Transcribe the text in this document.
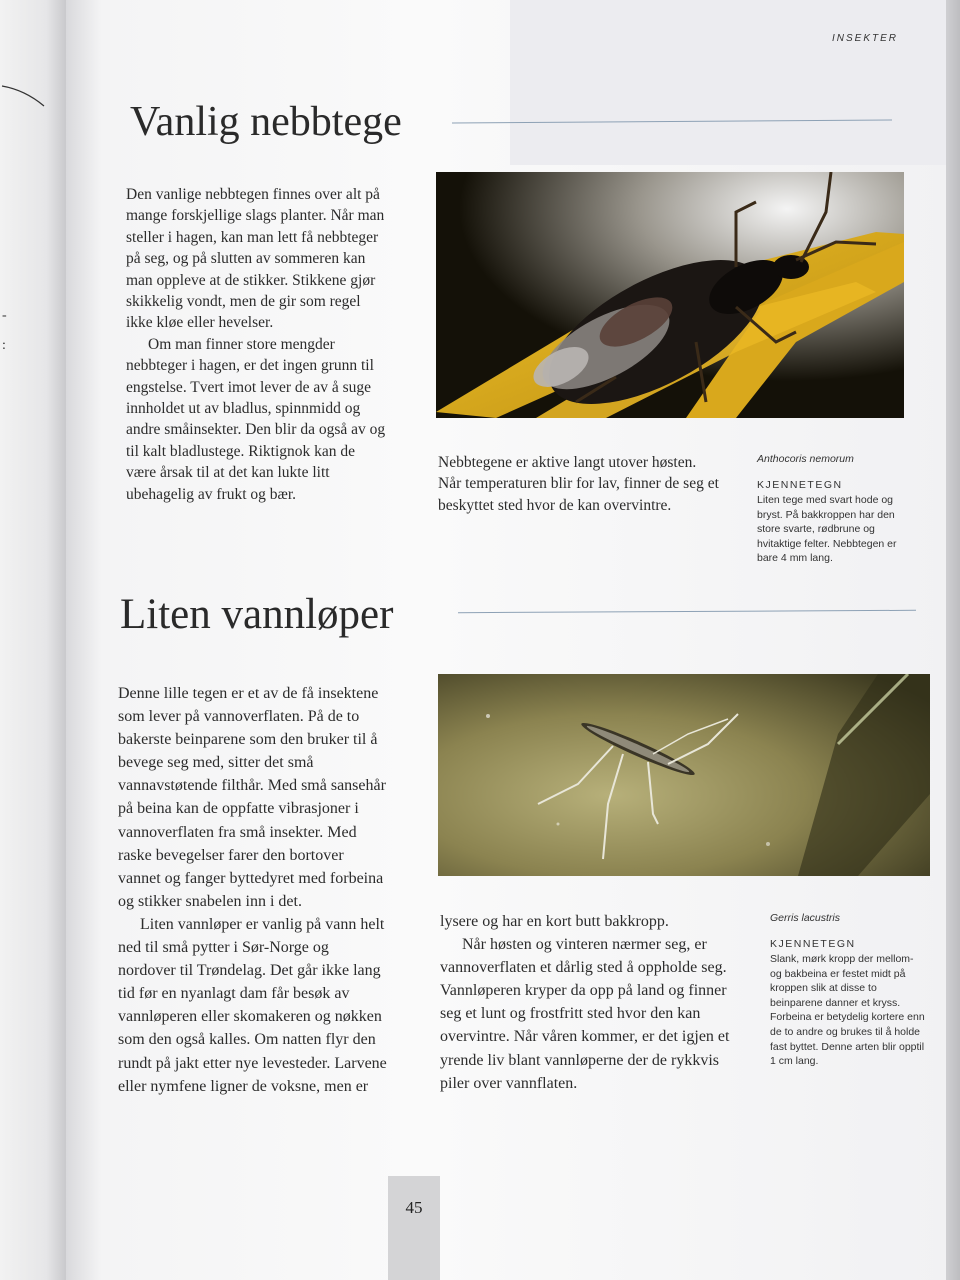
-
:
INSEKTER
Vanlig nebbtege

Den vanlige nebbtegen finnes over alt på mange forskjellige slags planter. Når man steller i hagen, kan man lett få nebbteger på seg, og på slutten av sommeren kan man oppleve at de stikker. Stikkene gjør skikkelig vondt, men de gir som regel ikke kløe eller hevelser.

Om man finner store mengder nebbteger i hagen, er det ingen grunn til engstelse. Tvert imot lever de av å suge innholdet ut av bladlus, spinnmidd og andre småinsekter. Den blir da også av og til kalt bladlustege. Riktignok kan de være årsak til at det kan lukte litt ubehagelig av frukt og bær.

Nebbtegene er aktive langt utover høsten. Når temperaturen blir for lav, finner de seg et beskyttet sted hvor de kan overvintre.

Anthocoris nemorum
KJENNETEGN
Liten tege med svart hode og bryst. På bakkroppen har den store svarte, rødbrune og hvitaktige felter. Nebbtegen er bare 4 mm lang.
Liten vannløper

Denne lille tegen er et av de få insektene som lever på vannoverflaten. På de to bakerste beinparene som den bruker til å bevege seg med, sitter det små vannavstøtende filthår. Med små sansehår på beina kan de oppfatte vibrasjoner i vannoverflaten fra små insekter. Med raske bevegelser farer den bortover vannet og fanger byttedyret med forbeina og stikker snabelen inn i det.

Liten vannløper er vanlig på vann helt ned til små pytter i Sør-Norge og nordover til Trøndelag. Det går ikke lang tid før en nyanlagt dam får besøk av vannløperen eller skomakeren og nøkken som den også kalles. Om natten flyr den rundt på jakt etter nye levesteder. Larvene eller nymfene ligner de voksne, men er

lysere og har en kort butt bakkropp.

Når høsten og vinteren nærmer seg, er vannoverflaten et dårlig sted å oppholde seg. Vannløperen kryper da opp på land og finner seg et lunt og frostfritt sted hvor den kan overvintre. Når våren kommer, er det igjen et yrende liv blant vannløperne der de rykkvis piler over vannflaten.

Gerris lacustris
KJENNETEGN
Slank, mørk kropp der mellom- og bakbeina er festet midt på kroppen slik at disse to beinparene danner et kryss. Forbeina er betydelig kortere enn de to andre og brukes til å holde fast byttet. Denne arten blir opptil 1 cm lang.
45
